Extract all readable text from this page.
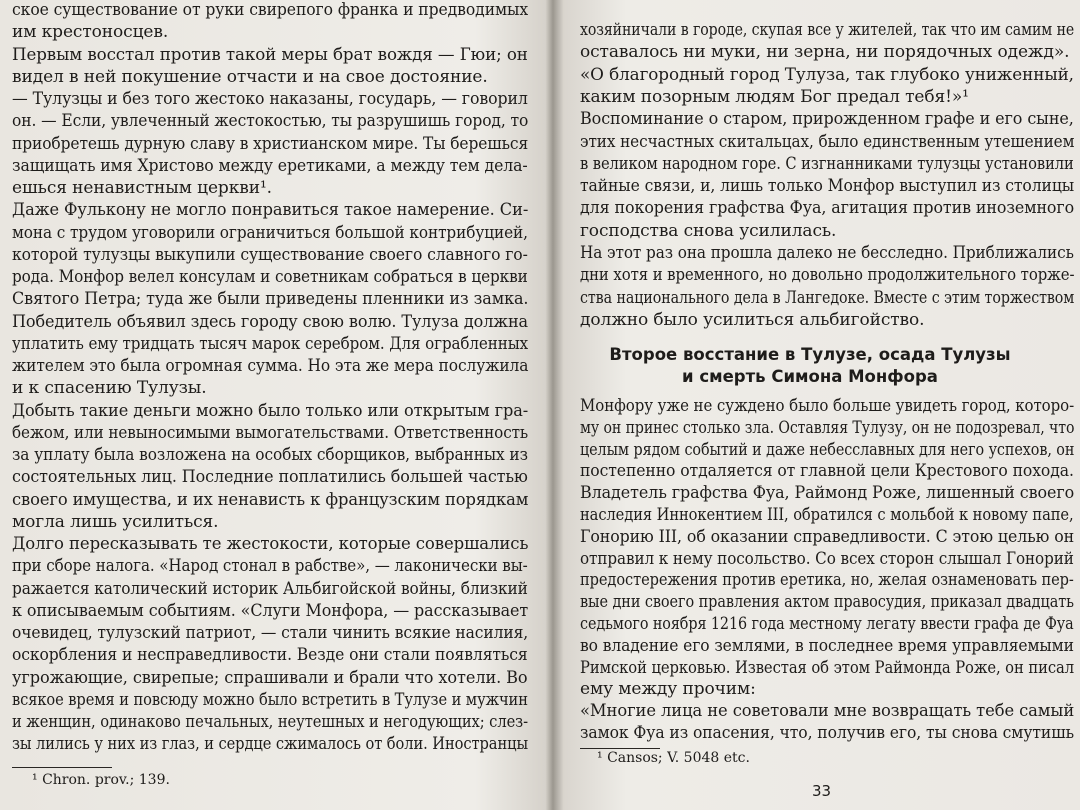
ское существование от руки свирепого франка и предводимых
им крестоносцев.
Первым восстал против такой меры брат вождя — Гюи; он
видел в ней покушение отчасти и на свое достояние.
— Тулузцы и без того жестоко наказаны, государь, — говорил
он. — Если, увлеченный жестокостью, ты разрушишь город, то
приобретешь дурную славу в христианском мире. Ты берешься
защищать имя Христово между еретиками, а между тем дела-
ешься ненавистным церкви¹.
Даже Фулькону не могло понравиться такое намерение. Си-
мона с трудом уговорили ограничиться большой контрибуцией,
которой тулузцы выкупили существование своего славного го-
рода. Монфор велел консулам и советникам собраться в церкви
Святого Петра; туда же были приведены пленники из замка.
Победитель объявил здесь городу свою волю. Тулуза должна
уплатить ему тридцать тысяч марок серебром. Для ограбленных
жителем это была огромная сумма. Но эта же мера послужила
и к спасению Тулузы.
Добыть такие деньги можно было только или открытым гра-
бежом, или невыносимыми вымогательствами. Ответственность
за уплату была возложена на особых сборщиков, выбранных из
состоятельных лиц. Последние поплатились большей частью
своего имущества, и их ненависть к французским порядкам
могла лишь усилиться.
Долго пересказывать те жестокости, которые совершались
при сборе налога. «Народ стонал в рабстве», — лаконически вы-
ражается католический историк Альбигойской войны, близкий
к описываемым событиям. «Слуги Монфора, — рассказывает
очевидец, тулузский патриот, — стали чинить всякие насилия,
оскорбления и несправедливости. Везде они стали появляться
угрожающие, свирепые; спрашивали и брали что хотели. Во
всякое время и повсюду можно было встретить в Тулузе и мужчин
и женщин, одинаково печальных, неутешных и негодующих; слез-
зы лились у них из глаз, и сердце сжималось от боли. Иностранцы
¹ Chron. prov.; 139.
хозяйничали в городе, скупая все у жителей, так что им самим не
оставалось ни муки, ни зерна, ни порядочных одежд».
«О благородный город Тулуза, так глубоко униженный,
каким позорным людям Бог предал тебя!»¹
Воспоминание о старом, прирожденном графе и его сыне,
этих несчастных скитальцах, было единственным утешением
в великом народном горе. С изгнанниками тулузцы установили
тайные связи, и, лишь только Монфор выступил из столицы
для покорения графства Фуа, агитация против иноземного
господства снова усилилась.
На этот раз она прошла далеко не бесследно. Приближались
дни хотя и временного, но довольно продолжительного торже-
ства национального дела в Лангедоке. Вместе с этим торжеством
должно было усилиться альбигойство.
Второе восстание в Тулузе, осада Тулузы
и смерть Симона Монфора
Монфору уже не суждено было больше увидеть город, которо-
му он принес столько зла. Оставляя Тулузу, он не подозревал, что
целым рядом событий и даже небесславных для него успехов, он
постепенно отдаляется от главной цели Крестового похода.
Владетель графства Фуа, Раймонд Роже, лишенный своего
наследия Иннокентием III, обратился с мольбой к новому папе,
Гонорию III, об оказании справедливости. С этою целью он
отправил к нему посольство. Со всех сторон слышал Гонорий
предостережения против еретика, но, желая ознаменовать пер-
вые дни своего правления актом правосудия, приказал двадцать
седьмого ноября 1216 года местному легату ввести графа де Фуа
во владение его землями, в последнее время управляемыми
Римской церковью. Известая об этом Раймонда Роже, он писал
ему между прочим:
«Многие лица не советовали мне возвращать тебе самый
замок Фуа из опасения, что, получив его, ты снова смутишь
¹ Cansos; V. 5048 etc.
33
